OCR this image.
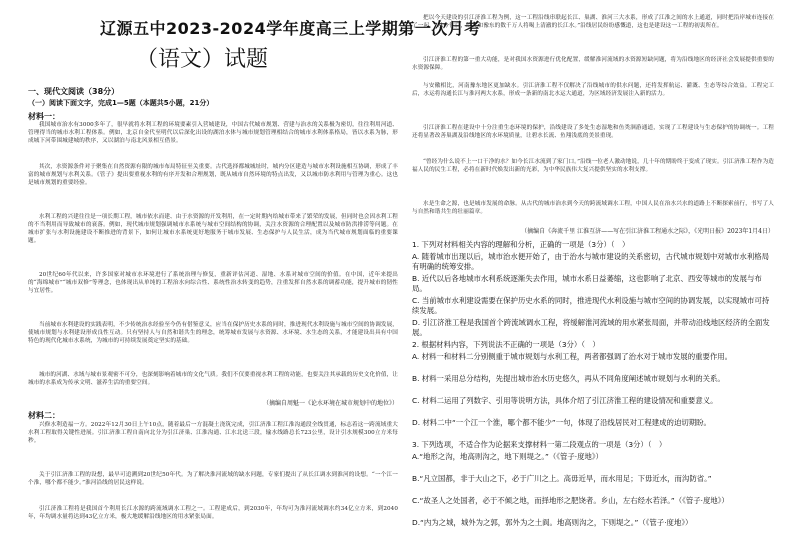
辽源五中2023-2024学年度高三上学期第一次月考
（语文）试题
一、现代文阅读（38分）
（一）阅读下面文字，完成1—5题（本题共5小题，21分）
材料一：
我国城市治水有3000多年了，很早就将水利工程的环境要素引入营城建设，中国古代城市规划、营建与治水的关系极为密切，往往利用河道、管理得当的城市水利工程体系。例如，北京自金代至明代以后深化出设的湖泊水体与城市规划管理相结合的城市水利体系格局，皆以水系为脉，形成城下河带围城建城的秩序，又以湖泊与南北风景相互借景。
其次，水资源条件对于聚集在自然资源有限的城市布局特征至关重要。古代选择都城城址时，城内分区建造与城市水利设施相互协调，形成了丰富的城市规划与水利关系。《管子》提出要重视水利的有序开发和合理规划，既从城市自然环境的特点出发，又以城市防水利用与管理为重心。这也是城市规划的重要经验。
水利工程的兴建往往是一项长期工程，城市依水而建、由于水资源的开发利用，在一定时期内给城市带来了繁荣的发展，但同时也会因水利工程的不当利用而导致城市的衰落。例如，现代城市规划强调城市水系统与城市空间结构的协调，关注水资源的合理配置以及城市防洪排涝等问题。在城市扩张与水利设施建设不断推进的背景下，如何让城市水系统更好地服务于城市发展、生态保护与人民生活，成为当代城市规划面临的重要课题。
20世纪60年代以来，许多国家对城市水环境进行了系统治理与修复，重新评估河道、湿地、水系对城市空间的价值。在中国，近年来提出的“海绵城市”“城市双修”等理念，也体现出从单纯的工程治水向综合性、系统性治水转变的趋势，注重发挥自然水系的调蓄功能，提升城市的韧性与宜居性。
当前城市水利建设的实践表明，不少传统治水经验至今仍有借鉴意义，应当在保护历史水系的同时，推进现代水利设施与城市空间的协调发展，使城市规划与水利建设形成良性互动。只有坚持人与自然和谐共生的理念，统筹城市发展与水资源、水环境、水生态的关系，才能建设出具有中国特色的现代化城市水系统，为城市的可持续发展奠定坚实的基础。
城市的河湖、水域与城市景观密不可分，也深刻影响着城市的文化气质。我们不仅要重视水利工程的功能，也要关注其承载的历史文化价值，让城市的水系成为传承文明、滋养生活的重要空间。
（摘编自周魁一《论水环境在城市规划中的地位》）
材料二：
兴修水利造福一方。2022年12月30日上午10点，随着最后一方混凝土浇筑完成，引江济淮工程江淮沟通段全线贯通，标志着这一跨流域重大水利工程取得关键性进展。引江济淮工程自南向北分为引江济巢、江淮沟通、江水北送三段，输水线路总长723公里，设计引水规模300立方米每秒。
关于引江济淮工程的设想，最早可追溯到20世纪50年代。为了解决淮河流域的缺水问题，专家们提出了从长江调水到淮河的设想。“一个江一个淮，哪个都不能少。”淮河沿线的居民这样说。
引江济淮工程将是我国首个利用长江水源的跨流域调水工程之一。工程建成后，到2030年，年均可为淮河流域调水约34亿立方米，到2040年，年均调水量将达到43亿立方米，极大地缓解沿线地区的用水紧张局面。
把以今天建设的引江济淮工程为例，这一工程沿线串联起长江、巢湖、淮河三大水系，形成了江淮之间的水上通道，同时把沿岸城市连接在了一起。“从今往后，皖北和豫东的数千万人将喝上清澈的长江水。”沿线居民纷纷感慨道，这也是建设这一工程的初衷所在。
引江济淮工程的第一重大功能，是对我国水资源进行优化配置，缓解淮河流域的水资源短缺问题，将为沿线地区的经济社会发展提供重要的水资源保障。
与安徽相比，河南豫东地区更加缺水。引江济淮工程不仅解决了沿线城市的供水问题，还将发挥航运、灌溉、生态等综合效益。工程完工后，水运将沟通长江与淮河两大水系，形成一条新的南北水运大通道，为区域经济发展注入新的活力。
引江济淮工程在建设中十分注重生态环境的保护，沿线建设了多处生态湿地和鱼类洄游通道，实现了工程建设与生态保护的协调统一。工程还将显著改善巢湖及沿线地区的水环境质量，让碧水长流、鱼翔浅底的美景重现。
“曾经为什么说不上一口干净的水？如今长江水流到了家门口。”沿线一位老人激动地说，几十年的期盼终于变成了现实。引江济淮工程作为造福人民的民生工程，必将在新时代焕发出新的光彩，为中华民族伟大复兴提供坚实的水利支撑。
水是生命之源，也是城市发展的命脉。从古代的城市治水到今天的跨流域调水工程，中国人民在治水兴水的道路上不断探索前行，书写了人与自然和谐共生的壮丽篇章。
（摘编自《奔流千里 江淮互济——写在引江济淮工程通水之际》，《光明日报》2023年1月4日）
1. 下列对材料相关内容的理解和分析，正确的一项是（3分）（　）
A. 随着城市出现以后，城市治水便开始了，由于治水与城市建设的关系密切，古代城市规划中对城市水利格局有明确的统筹安排。
B. 近代以后各地城市水利系统逐渐失去作用，城市水系日益萎缩，这也影响了北京、西安等城市的发展与布局。
C. 当前城市水利建设需要在保护历史水系的同时，推进现代水利设施与城市空间的协调发展，以实现城市可持续发展。
D. 引江济淮工程是我国首个跨流域调水工程，将缓解淮河流域的用水紧张局面，并带动沿线地区经济的全面发展。
2. 根据材料内容，下列说法不正确的一项是（3分）（　）
A. 材料一和材料二分别侧重于城市规划与水利工程，两者都强调了治水对于城市发展的重要作用。
B. 材料一采用总分结构，先提出城市治水历史悠久，再从不同角度阐述城市规划与水利的关系。
C. 材料二运用了列数字、引用等说明方法，具体介绍了引江济淮工程的建设情况和重要意义。
D. 材料二中“一个江一个淮，哪个都不能少”一句，体现了沿线居民对工程建成的迫切期盼。
3. 下列选项，不适合作为论据来支撑材料一第二段观点的一项是（3分）（　）
A.“地形之沟，地高则沟之，地下则堤之。”（《管子·度地》）
B.“凡立国都，非于大山之下，必于广川之上。高毋近旱，而水用足；下毋近水，而沟防省。”
C.“故圣人之处国者，必于不倾之地，而择地形之肥饶者。乡山，左右经水若泽。”（《管子·度地》）
D.“内为之城，城外为之郭，郭外为之土阆。地高则沟之，下则堤之。”（《管子·度地》）
